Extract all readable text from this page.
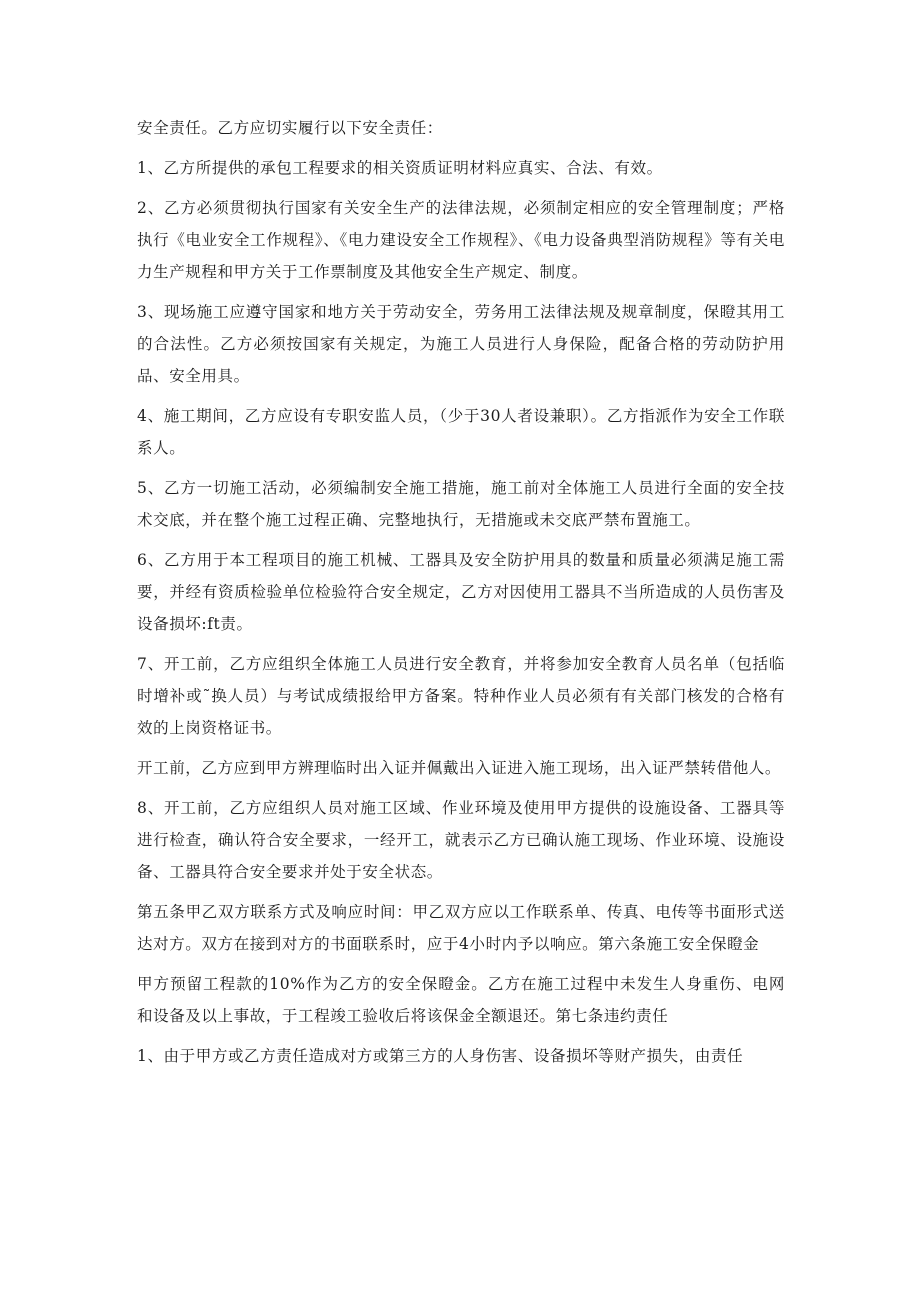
安全责任。乙方应切实履行以下安全责任：

1、乙方所提供的承包工程要求的相关资质证明材料应真实、合法、有效。

2、乙方必须贯彻执行国家有关安全生产的法律法规，必须制定相应的安全管理制度；严格执行《电业安全工作规程》、《电力建设安全工作规程》、《电力设备典型消防规程》等有关电力生产规程和甲方关于工作票制度及其他安全生产规定、制度。

3、现场施工应遵守国家和地方关于劳动安全，劳务用工法律法规及规章制度，保瞪其用工的合法性。乙方必须按国家有关规定，为施工人员进行人身保险，配备合格的劳动防护用品、安全用具。

4、施工期间，乙方应设有专职安监人员，（少于30人者设兼职）。乙方指派作为安全工作联系人。

5、乙方一切施工活动，必须编制安全施工措施，施工前对全体施工人员进行全面的安全技术交底，并在整个施工过程正确、完整地执行，无措施或未交底严禁布置施工。

6、乙方用于本工程项目的施工机械、工器具及安全防护用具的数量和质量必须满足施工需要，并经有资质检验单位检验符合安全规定，乙方对因使用工器具不当所造成的人员伤害及设备损坏:ft责。

7、开工前，乙方应组织全体施工人员进行安全教育，并将参加安全教育人员名单（包括临时增补或˜换人员）与考试成绩报给甲方备案。特种作业人员必须有有关部门核发的合格有效的上岗资格证书。

开工前，乙方应到甲方辨理临时出入证并佩戴出入证进入施工现场，出入证严禁转借他人。

8、开工前，乙方应组织人员对施工区域、作业环境及使用甲方提供的设施设备、工器具等进行检查，确认符合安全要求，一经开工，就表示乙方已确认施工现场、作业环境、设施设备、工器具符合安全要求并处于安全状态。

第五条甲乙双方联系方式及响应时间：甲乙双方应以工作联系单、传真、电传等书面形式送达对方。双方在接到对方的书面联系时，应于4小时内予以响应。第六条施工安全保瞪金

甲方预留工程款的10%作为乙方的安全保瞪金。乙方在施工过程中未发生人身重伤、电网和设备及以上事故，于工程竣工验收后将该保金全额退还。第七条违约责任

1、由于甲方或乙方责任造成对方或第三方的人身伤害、设备损坏等财产损失，由责任
